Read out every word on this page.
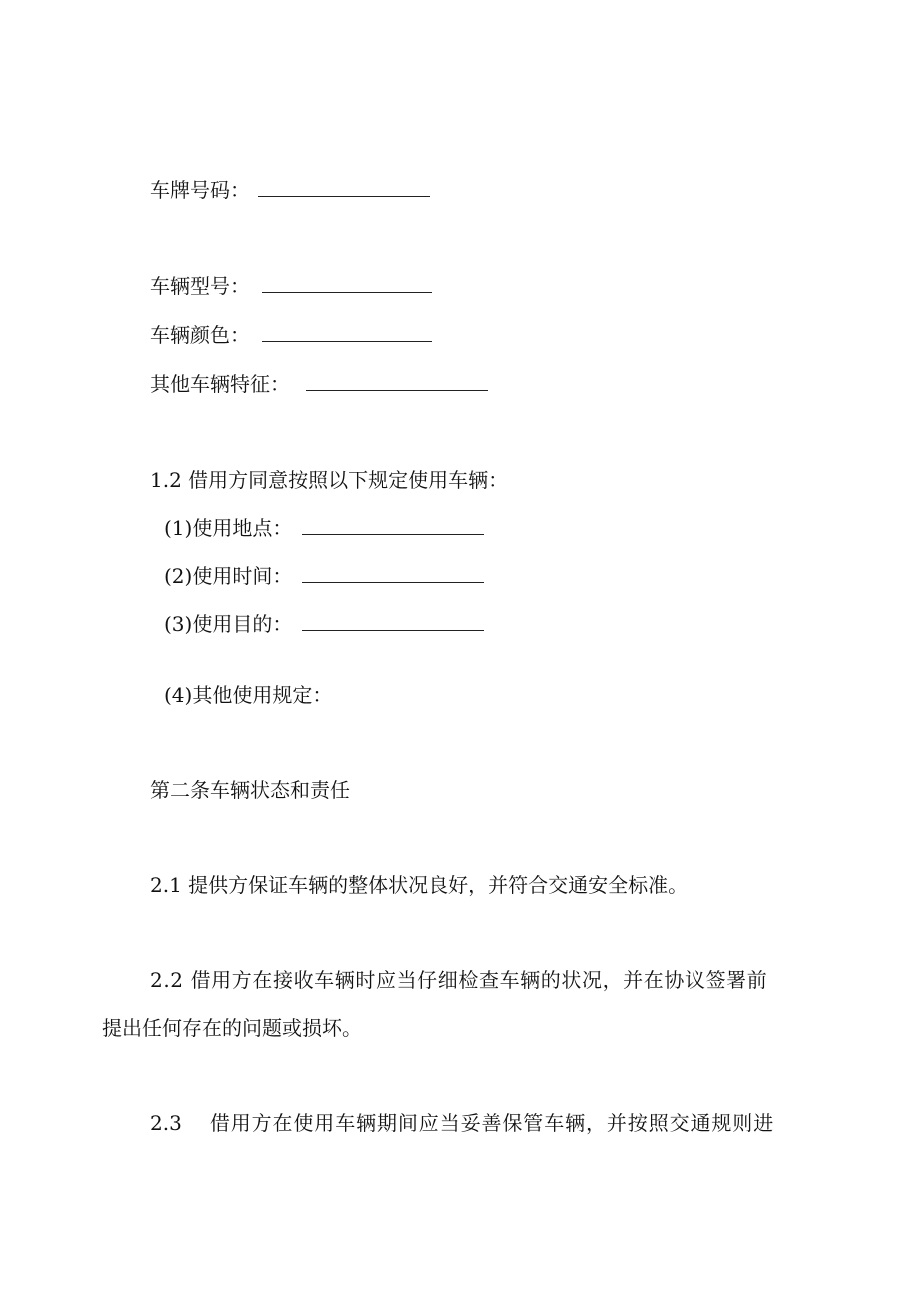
车牌号码：
车辆型号：
车辆颜色：
其他车辆特征：
1.2 借用方同意按照以下规定使用车辆：
(1)使用地点：
(2)使用时间：
(3)使用目的：
(4)其他使用规定：
第二条车辆状态和责任
2.1 提供方保证车辆的整体状况良好，并符合交通安全标准。
2.2 借用方在接收车辆时应当仔细检查车辆的状况，并在协议签署前
提出任何存在的问题或损坏。
2.3 借用方在使用车辆期间应当妥善保管车辆，并按照交通规则进
